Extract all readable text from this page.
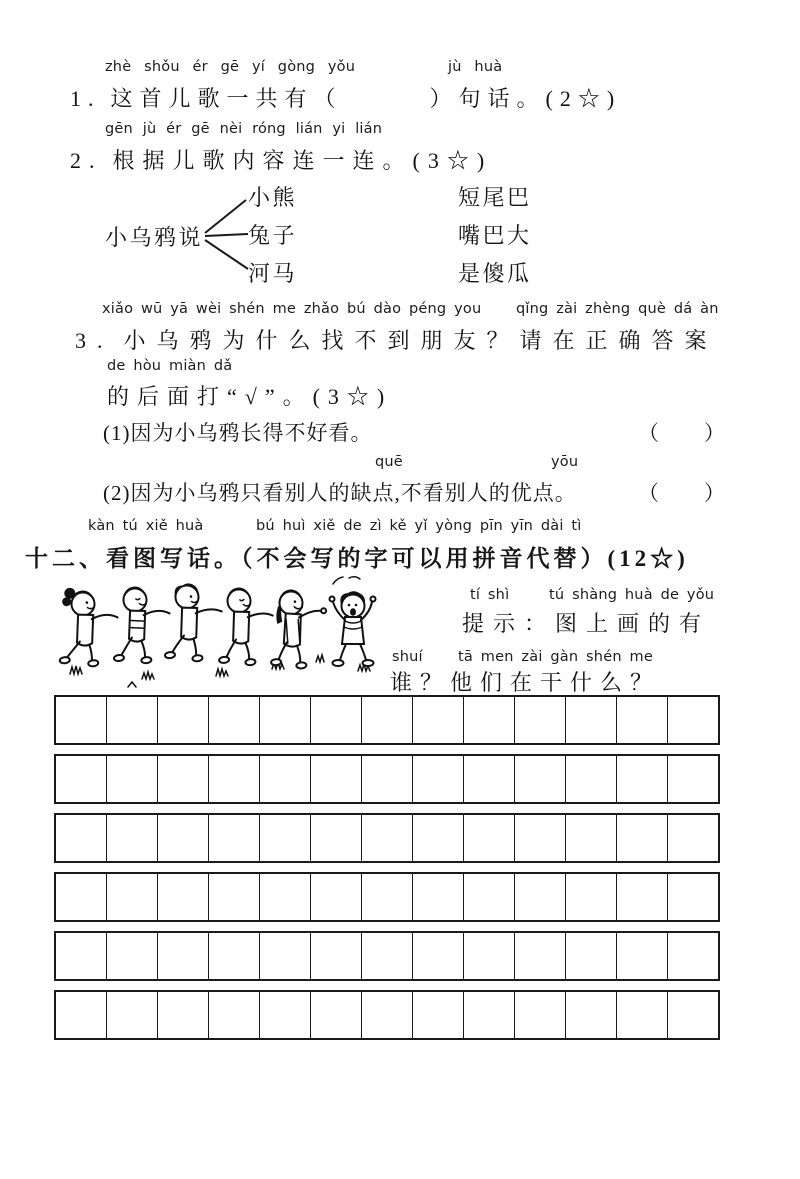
zhè shǒu ér gē yí gòng yǒu	jù huà
1. 这首儿歌一共有（　　　）句话。(2☆)
gēn jù ér gē nèi róng lián yi lián
2. 根据儿歌内容连一连。(3☆)
小乌鸦说
小熊
兔子
河马
短尾巴
嘴巴大
是傻瓜
xiǎo wū yā wèi shén me zhǎo bú dào péng you qǐng zài zhèng què dá àn
3. 小乌鸦为什么找不到朋友？请在正确答案
de hòu miàn dǎ
的后面打“√”。(3☆)
(1)因为小乌鸦长得不好看。	（　　）
quē	yōu
(2)因为小乌鸦只看别人的缺点,不看别人的优点。	（　　）
kàn tú xiě huà	bú huì xiě de zì kě yǐ yòng pīn yīn dài tì
十二、看图写话。（不会写的字可以用拼音代替）(12☆)
tí shì	tú shàng huà de yǒu
提示：图上画的有
shuí tā men zài gàn shén me
谁？他们在干什么？
